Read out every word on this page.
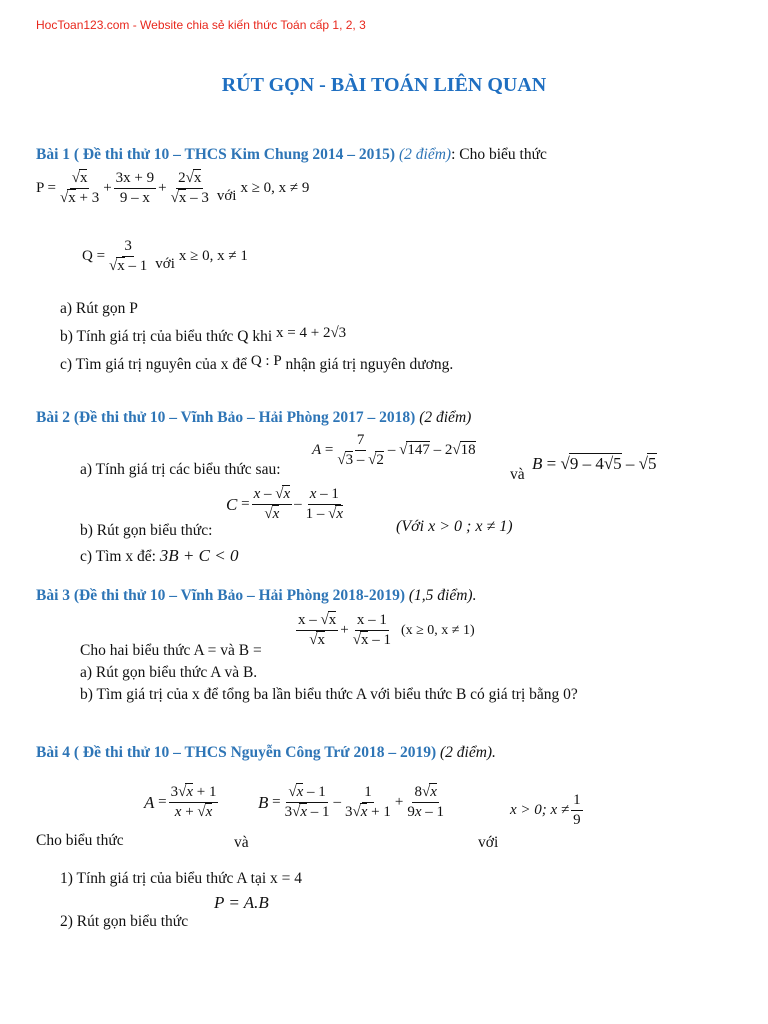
HocToan123.com - Website chia sẻ kiến thức Toán cấp 1, 2, 3
RÚT GỌN - BÀI TOÁN LIÊN QUAN
Bài 1 ( Đề thi thử 10 – THCS Kim Chung 2014 – 2015) (2 điểm): Cho biểu thức
$P = \frac{√x}{√x + 3} + \frac{3x + 9}{9 - x} + \frac{2√x}{√x - 3}$ với x ≥ 0, x ≠ 9
$Q = \frac{3}{√x - 1}$ với x ≥ 0, x ≠ 1
a) Rút gọn P
b) Tính giá trị của biểu thức Q khi x = 4 + 2√3
c) Tìm giá trị nguyên của x để Q : P nhận giá trị nguyên dương.
Bài 2 (Đề thi thử 10 – Vĩnh Bảo – Hải Phòng 2017 – 2018) (2 điểm)
a) Tính giá trị các biểu thức sau:
$A = \frac{7}{√3 - √2} - √147 - 2√18$
và
B = √9 – 4√5 – √5
$C = \frac{x - √x}{√x}$ –
x – 1
1 – √x
b) Rút gọn biểu thức:	(Với x > 0 ; x ≠ 1)
c) Tìm x để: 3B + C < 0
Bài 3 (Đề thi thử 10 – Vĩnh Bảo – Hải Phòng 2018-2019) (1,5 điểm).
x – √x
√x
+ $\frac{x - 1}{√x - 1} (x \ge 0$, x ≠ 1)
Cho hai biểu thức A = và B =
a) Rút gọn biểu thức A và B.
b) Tìm giá trị của x để tổng ba lần biểu thức A với biểu thức B có giá trị bằng 0?
Bài 4 ( Đề thi thử 10 – THCS Nguyễn Công Trứ 2018 – 2019) (2 điểm).
$A = \frac{3√x + 1}{x + √x}$ $B = \frac{√x - 1}{3√x - 1}$ –
1
3√x + 1
+ $\frac{8√x}{9x - 1}$	x > 0; x ≠
1
9
Cho biểu thức	và	với
1) Tính giá trị của biểu thức A tại x = 4
P = A.B
2) Rút gọn biểu thức
